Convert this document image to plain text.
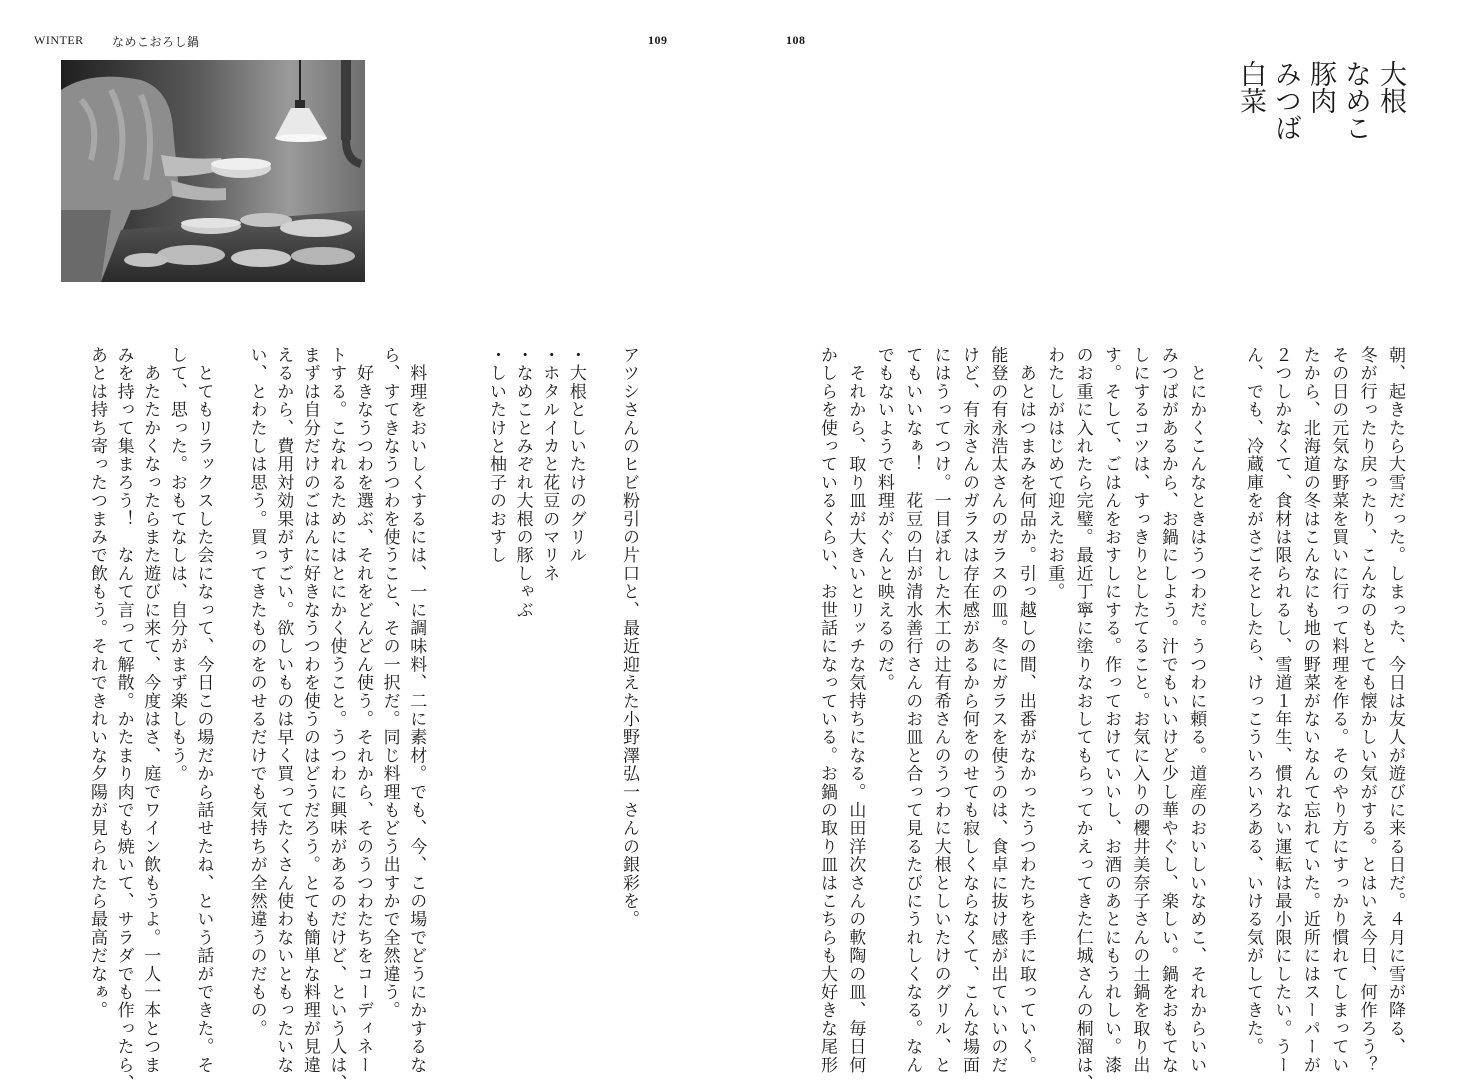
WINTER なめこおろし鍋	109	108
大根
なめこ
豚肉
みつば
白菜
朝、起きたら大雪だった。しまった、今日は友人が遊びに来る日だ。４月に雪が降る、
冬が行ったり戻ったり、こんなのもとても懐かしい気がする。とはいえ今日、何作ろう？
その日の元気な野菜を買いに行って料理を作る。そのやり方にすっかり慣れてしまってい
たから、北海道の冬はこんなにも地の野菜がないなんて忘れていた。近所にはスーパーが
２つしかなくて、食材は限られるし、雪道１年生、慣れない運転は最小限にしたい。うー
ん、でも、冷蔵庫をがさごそとしたら、けっこういろいろある、いける気がしてきた。
　とにかくこんなときはうつわだ。うつわに頼る。道産のおいしいなめこ、それからいい
みつばがあるから、お鍋にしよう。汁でもいいけど少し華やぐし、楽しい。鍋をおもてな
しにするコツは、すっきりとしたてること。お気に入りの櫻井美奈子さんの土鍋を取り出
す。そして、ごはんをおすしにする。作っておけていいし、お酒のあとにもうれしい。漆
のお重に入れたら完璧。最近丁寧に塗りなおしてもらってかえってきた仁城さんの桐溜は、
わたしがはじめて迎えたお重。
　あとはつまみを何品か。引っ越しの間、出番がなかったうつわたちを手に取っていく。
能登の有永浩太さんのガラスの皿。冬にガラスを使うのは、食卓に抜け感が出ていいのだ
けど、有永さんのガラスは存在感があるから何をのせても寂しくならなくて、こんな場面
にはうってつけ。一目ぼれした木工の辻有希さんのうつわに大根としいたけのグリル、と
てもいいなぁ！　花豆の白が清水善行さんのお皿と合って見るたびにうれしくなる。なん
でもないようで料理がぐんと映えるのだ。
　それから、取り皿が大きいとリッチな気持ちになる。山田洋次さんの軟陶の皿、毎日何
かしらを使っているくらい、お世話になっている。お鍋の取り皿はこちらも大好きな尾形
アツシさんのヒビ粉引の片口と、最近迎えた小野澤弘一さんの銀彩を。
・大根としいたけのグリル
・ホタルイカと花豆のマリネ
・なめことみぞれ大根の豚しゃぶ
・しいたけと柚子のおすし
　料理をおいしくするには、一に調味料、二に素材。でも、今、この場でどうにかするな
ら、すてきなうつわを使うこと、その一択だ。同じ料理もどう出すかで全然違う。
　好きなうつわを選ぶ、それをどんどん使う。それから、そのうつわたちをコーディネー
トする。こなれるためにはとにかく使うこと。うつわに興味があるのだけど、という人は、
まずは自分だけのごはんに好きなうつわを使うのはどうだろう。とても簡単な料理が見違
えるから、費用対効果がすごい。欲しいものは早く買ってたくさん使わないともったいな
い、とわたしは思う。買ってきたものをのせるだけでも気持ちが全然違うのだもの。
　とてもリラックスした会になって、今日この場だから話せたね、という話ができた。そ
して、思った。おもてなしは、自分がまず楽しもう。
　あたたかくなったらまた遊びに来て、今度はさ、庭でワイン飲もうよ。一人一本とつま
みを持って集まろう！　なんて言って解散。かたまり肉でも焼いて、サラダでも作ったら、
あとは持ち寄ったつまみで飲もう。それできれいな夕陽が見られたら最高だなぁ。
